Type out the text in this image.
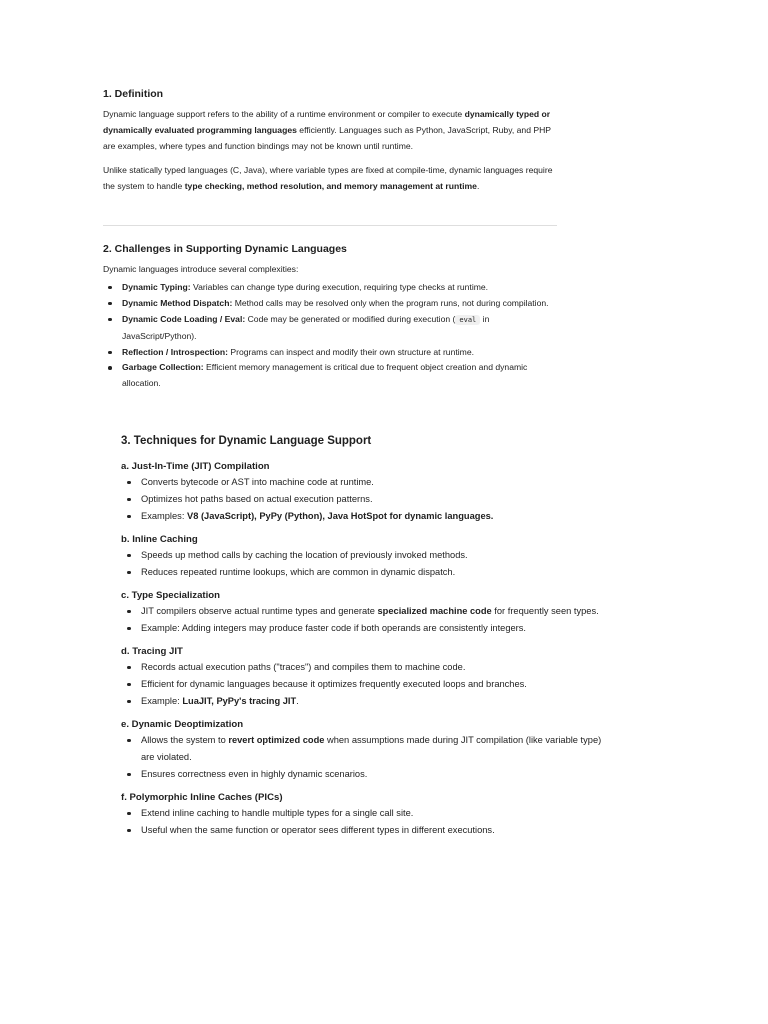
1. Definition

Dynamic language support refers to the ability of a runtime environment or compiler to execute dynamically typed or dynamically evaluated programming languages efficiently. Languages such as Python, JavaScript, Ruby, and PHP are examples, where types and function bindings may not be known until runtime.

Unlike statically typed languages (C, Java), where variable types are fixed at compile-time, dynamic languages require the system to handle type checking, method resolution, and memory management at runtime.

2. Challenges in Supporting Dynamic Languages

Dynamic languages introduce several complexities:

Dynamic Typing: Variables can change type during execution, requiring type checks at runtime.
Dynamic Method Dispatch: Method calls may be resolved only when the program runs, not during compilation.
Dynamic Code Loading / Eval: Code may be generated or modified during execution ( eval in JavaScript/Python).
Reflection / Introspection: Programs can inspect and modify their own structure at runtime.
Garbage Collection: Efficient memory management is critical due to frequent object creation and dynamic allocation.
3. Techniques for Dynamic Language Support
a. Just-In-Time (JIT) Compilation
Converts bytecode or AST into machine code at runtime.
Optimizes hot paths based on actual execution patterns.
Examples: V8 (JavaScript), PyPy (Python), Java HotSpot for dynamic languages.
b. Inline Caching
Speeds up method calls by caching the location of previously invoked methods.
Reduces repeated runtime lookups, which are common in dynamic dispatch.
c. Type Specialization
JIT compilers observe actual runtime types and generate specialized machine code for frequently seen types.
Example: Adding integers may produce faster code if both operands are consistently integers.
d. Tracing JIT
Records actual execution paths ("traces") and compiles them to machine code.
Efficient for dynamic languages because it optimizes frequently executed loops and branches.
Example: LuaJIT, PyPy's tracing JIT.
e. Dynamic Deoptimization
Allows the system to revert optimized code when assumptions made during JIT compilation (like variable type) are violated.
Ensures correctness even in highly dynamic scenarios.
f. Polymorphic Inline Caches (PICs)
Extend inline caching to handle multiple types for a single call site.
Useful when the same function or operator sees different types in different executions.
